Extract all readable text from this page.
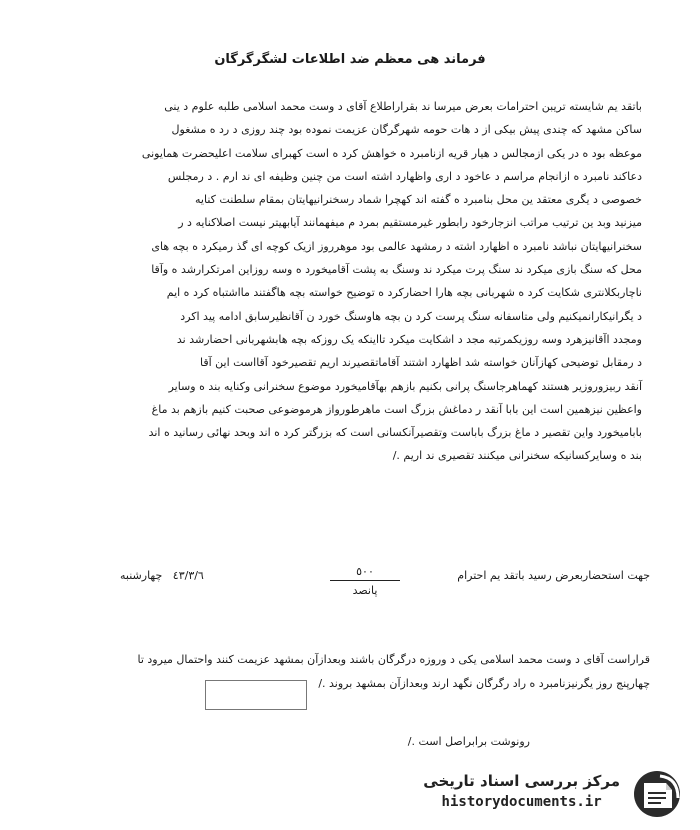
فرماند هی معظم ضد اطلاعات لشگرگرگان

باتقد یم شایسته تریبن احترامات بعرض میرسا ند بقراراطلاع آقای د وست محمد اسلامی طلبه علوم د ینی

ساکن مشهد که چندی پیش بیکی از د هات حومه شهرگرگان عزیمت نموده بود چند روزی د رد ه مشغول

موعظه بود ه در یکی ازمجالس د هیار قریه ازنامبرد ه خواهش کرد ه است کهبرای سلامت اعلیحضرت همایونی

دعاکند نامبرد ه ازانجام مراسم د عاخود د اری واظهارد اشته است من چنین وظیفه ای ند ارم . د رمجلس

خصوصی د یگری معتقد ین محل بنامبرد ه گفته اند کهچرا شماد رسخنرانیهایتان بمقام سلطنت کنایه

میزنید وبد ین ترتیب مراتب انزجارخود رابطور غیرمستقیم بمرد م میفهمانند آیابهیتر نیست اصلاکنایه د ر

سخنرانیهایتان نباشد نامبرد ه اظهارد اشته د رمشهد عالمی بود موهرروز ازیک کوچه ای گذ رمیکرد ه بچه های

محل که سنگ بازی میکرد ند سنگ پرت میکرد ند وسنگ به پشت آقامیخورد ه وسه روزاین امرتکرارشد ه وآقا

ناچاربکلانتری شکایت کرد ه شهربانی بچه هارا احضارکرد ه توضیح خواسته بچه هاگفتند مااشتباه کرد ه ایم

د یگرانیکارانمیکنیم ولی متاسفانه سنگ پرست کرد ن بچه هاوسنگ خورد ن آقانظیرسابق ادامه پید اکرد

ومجدد اآقانیزهرد وسه روزیکمرتبه مجد د اشکایت میکرد تااینکه یک روزکه بچه هابشهربانی احضارشد ند

د رمقابل توضیحی کهازآنان خواسته شد اظهارد اشتند آقاماتقصیرند اریم تقصیرخود آقااست این آقا

آنقد ربیزوروزیر هستند کهماهرجاسنگ پرانی بکنیم بازهم بهآقامیخورد موضوع سخنرانی وکنایه بند ه وسایر

واعظین نیزهمین است این بابا آنقد ر دماغش بزرگ است ماهرطورواز هرموضوعی صحبت کنیم بازهم بد ماغ

بابامیخورد واین تقصیر د ماغ بزرگ باباست وتقصیرآنکسانی است که بزرگتر کرد ه اند وبحد نهائی رسانید ه اند

بند ه وسایرکسانیکه سخنرانی میکنند تقصیری ند اریم ./

جهت استحضاربعرض رسید باتقد یم احترام
٥٠٠
پانصد
٤٣/٣/٦   چهارشنبه

قراراست آقای د وست محمد اسلامی یکی د وروزه درگرگان باشند وبعدازآن بمشهد عزیمت کنند واحتمال میرود تا

چهارپنج روز یگرنیزنامبرد ه راد رگرگان نگهد ارند وبعدازآن بمشهد بروند ./

رونوشت برابراصل است ./
مرکز بررسی اسناد تاریخی
historydocuments.ir
